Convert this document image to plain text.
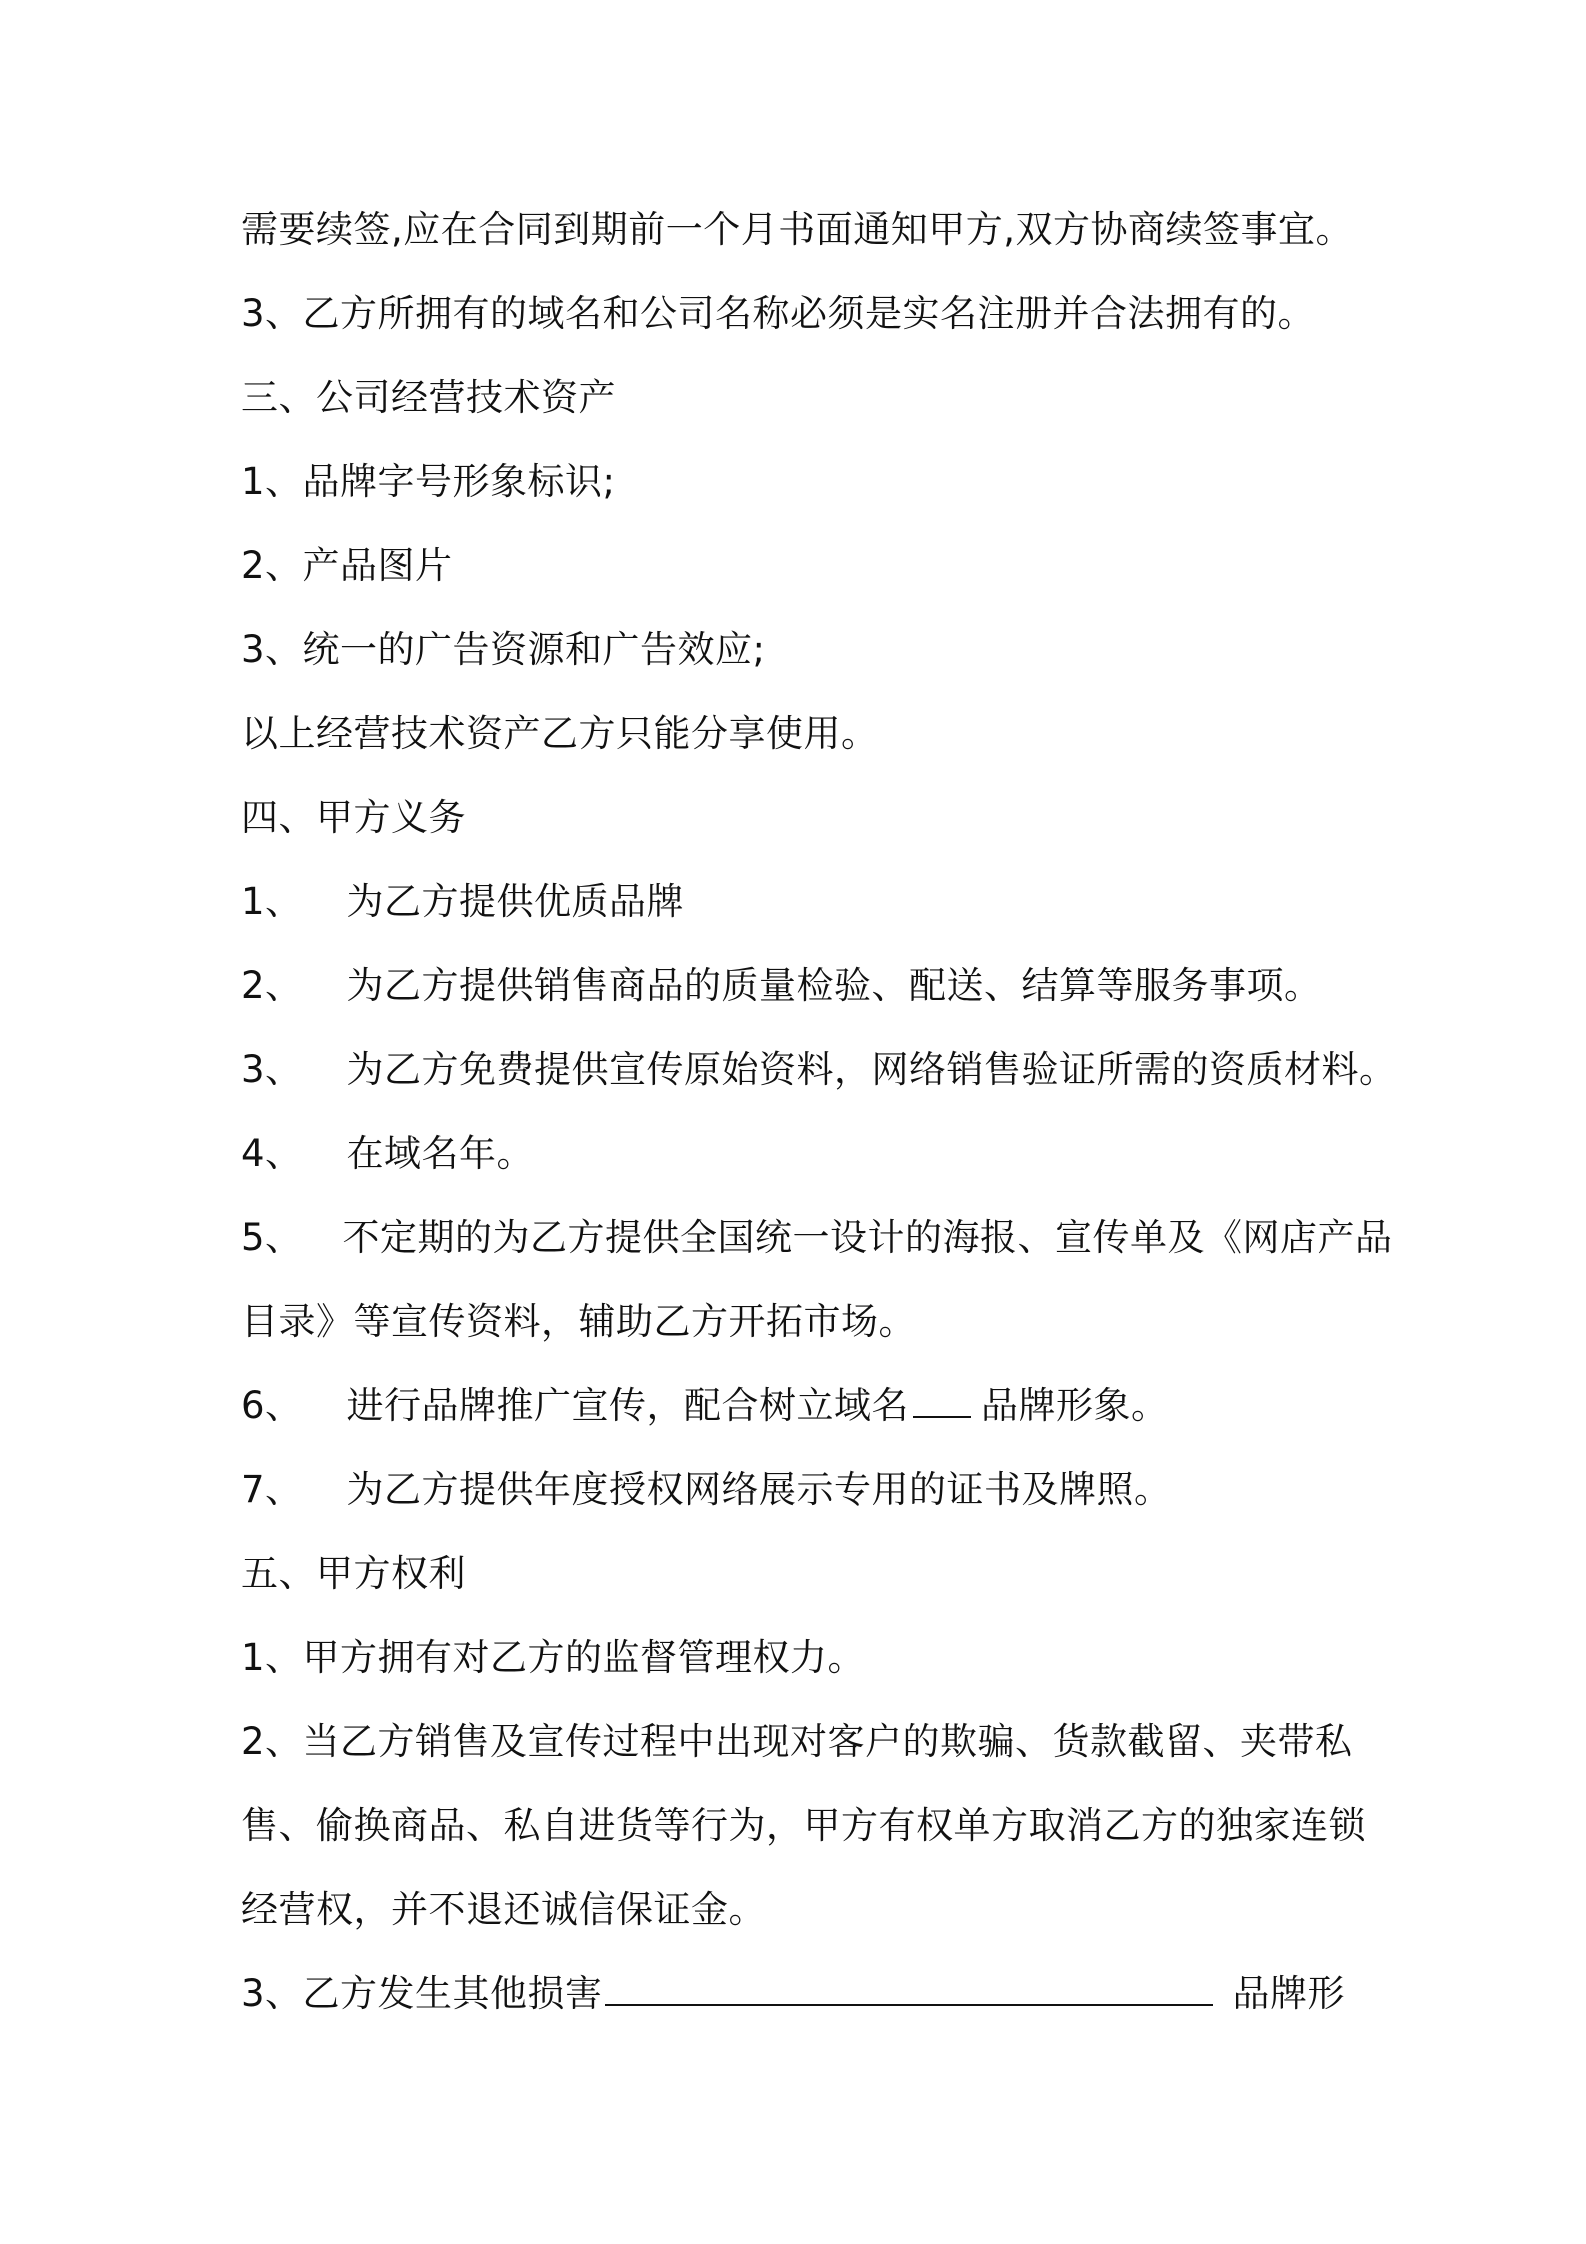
需要续签,应在合同到期前一个月书面通知甲方,双方协商续签事宜。
3、乙方所拥有的域名和公司名称必须是实名注册并合法拥有的。
三、公司经营技术资产
1、品牌字号形象标识;
2、产品图片
3、统一的广告资源和广告效应;
以上经营技术资产乙方只能分享使用。
四、甲方义务
1、 为乙方提供优质品牌
2、 为乙方提供销售商品的质量检验、配送、结算等服务事项。
3、 为乙方免费提供宣传原始资料，网络销售验证所需的资质材料。
4、 在域名年。
5、 不定期的为乙方提供全国统一设计的海报、宣传单及《网店产品
目录》等宣传资料，辅助乙方开拓市场。
6、 进行品牌推广宣传，配合树立域名 品牌形象。
7、 为乙方提供年度授权网络展示专用的证书及牌照。
五、甲方权利
1、甲方拥有对乙方的监督管理权力。
2、当乙方销售及宣传过程中出现对客户的欺骗、货款截留、夹带私
售、偷换商品、私自进货等行为，甲方有权单方取消乙方的独家连锁
经营权，并不退还诚信保证金。
3、乙方发生其他损害	品牌形
